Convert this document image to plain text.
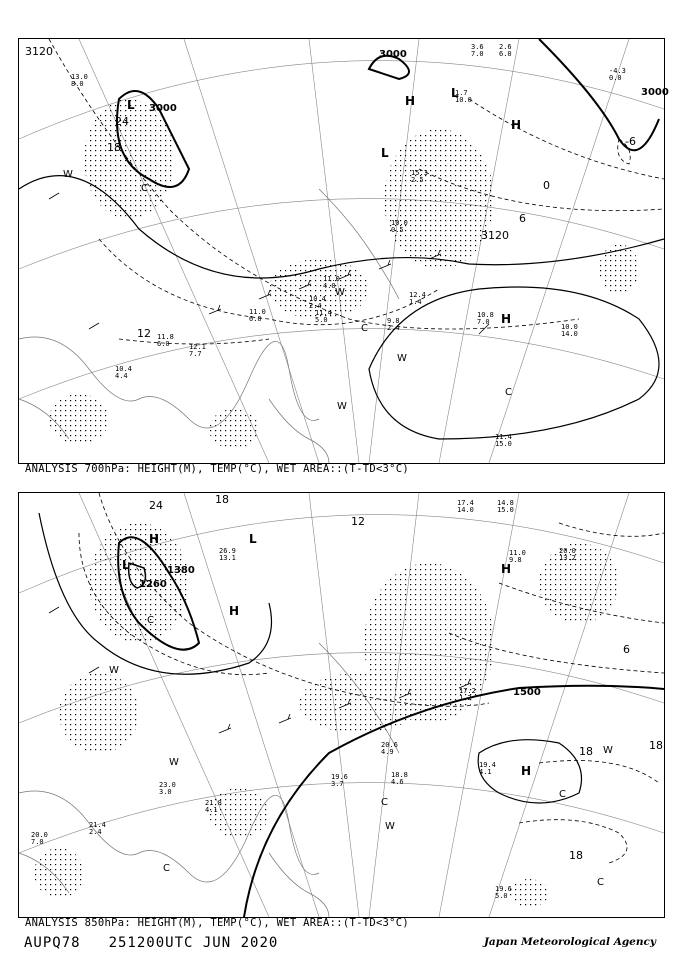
3120
3000
3000
3000
3120
L
L
L
H
H
H
24
18
12
6
0
-6
W
C
W
C
W
C
W
13.0 8.0
10.8 7.0
11.8 6.0	12.1 7.7
10.4 4.4
11.0 6.0
10.4 2.4
9.8 2.4	10.0 14.0
11.4 15.0
11.4 5.0
12.4 1.4
11.0 4.0
15.3 2.5
10.0 0.5
3.6 7.0
2.6 6.0
-4.3 0.0
1.7 10.0
ANALYSIS 700hPa: HEIGHT(M), TEMP(°C), WET AREA::(T-TD<3°C)
1380
1260
1500
L
H	L
H
H
H
24	18
12
6
18	18
18
W
C
W
C
C
W
C
W
C
17.4 14.0
14.8 15.0
20.0 13.2
19.6 3.7
18.8 4.6
19.4 4.1
21.8 4.1
20.6 4.9
17.2 1.2
19.6 5.0
20.0 7.0
21.4 2.4
23.0 3.0
11.0 9.8
26.9 13.1
ANALYSIS 850hPa: HEIGHT(M), TEMP(°C), WET AREA::(T-TD<3°C)
AUPQ78 251200UTC JUN 2020	Japan Meteorological Agency
